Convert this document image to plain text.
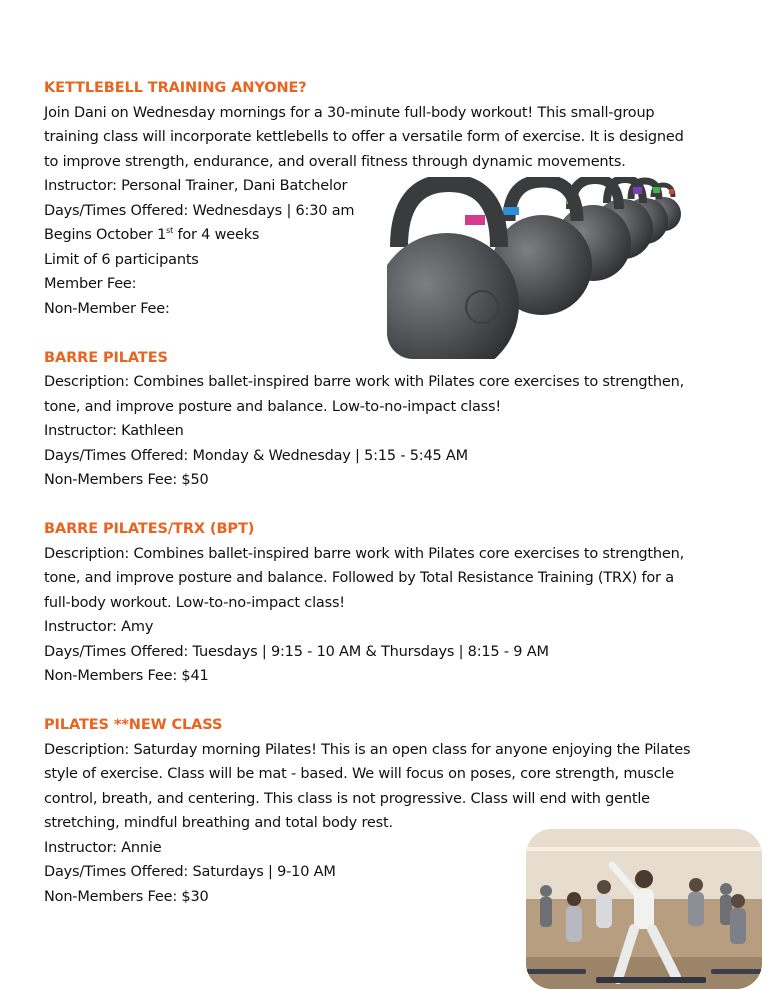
KETTLEBELL TRAINING ANYONE?
Join Dani on Wednesday mornings for a 30-minute full-body workout! This small-group
training class will incorporate kettlebells to offer a versatile form of exercise. It is designed
to improve strength, endurance, and overall fitness through dynamic movements.
Instructor: Personal Trainer, Dani Batchelor
Days/Times Offered: Wednesdays | 6:30 am
Begins October 1st for 4 weeks
Limit of 6 participants
Member Fee:
Non-Member Fee:
BARRE PILATES
Description: Combines ballet-inspired barre work with Pilates core exercises to strengthen,
tone, and improve posture and balance. Low-to-no-impact class!
Instructor: Kathleen
Days/Times Offered: Monday & Wednesday | 5:15 - 5:45 AM
Non-Members Fee: $50
BARRE PILATES/TRX (BPT)
Description: Combines ballet-inspired barre work with Pilates core exercises to strengthen,
tone, and improve posture and balance. Followed by Total Resistance Training (TRX) for a
full-body workout. Low-to-no-impact class!
Instructor: Amy
Days/Times Offered: Tuesdays | 9:15 - 10 AM & Thursdays | 8:15 - 9 AM
Non-Members Fee: $41
PILATES **NEW CLASS
Description: Saturday morning Pilates! This is an open class for anyone enjoying the Pilates
style of exercise. Class will be mat - based. We will focus on poses, core strength, muscle
control, breath, and centering. This class is not progressive. Class will end with gentle
stretching, mindful breathing and total body rest.
Instructor: Annie
Days/Times Offered: Saturdays | 9-10 AM
Non-Members Fee: $30
